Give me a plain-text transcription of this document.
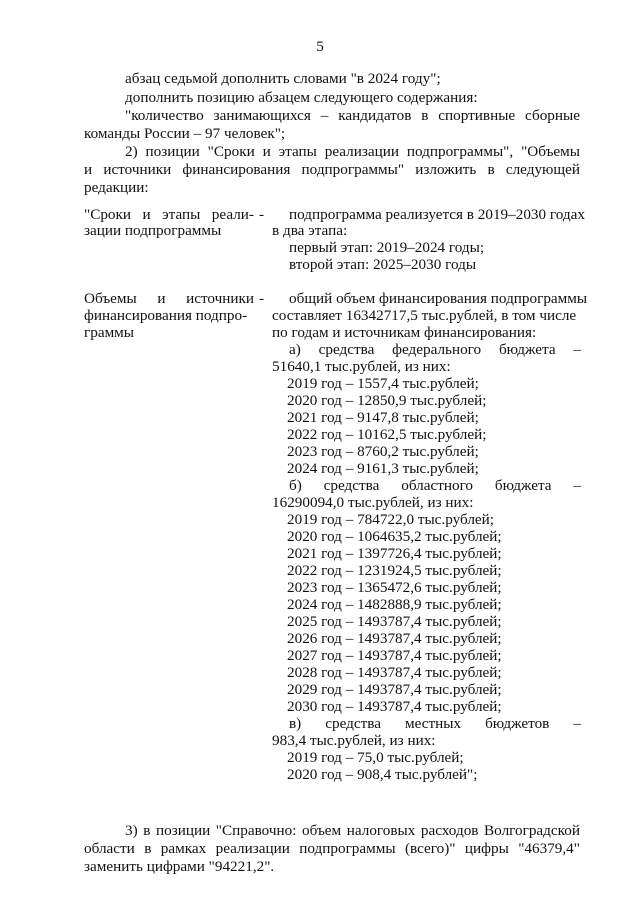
5
абзац седьмой дополнить словами "в 2024 году";
дополнить позицию абзацем следующего содержания:
"количество занимающихся – кандидатов в спортивные сборные
команды России – 97 человек";
2) позиции "Сроки и этапы реализации подпрограммы", "Объемы
и источники финансирования подпрограммы" изложить в следующей
редакции:
"Сроки и этапы реали-
зации подпрограммы
- подпрограмма реализуется в 2019–2030 годах
в два этапа:
первый этап: 2019–2024 годы;
второй этап: 2025–2030 годы
Объемы и источники
финансирования подпро-
граммы
- общий объем финансирования подпрограммы
составляет 16342717,5 тыс.рублей, в том числе
по годам и источникам финансирования:
а) средства федерального бюджета –
51640,1 тыс.рублей, из них:
2019 год – 1557,4 тыс.рублей;
2020 год – 12850,9 тыс.рублей;
2021 год – 9147,8 тыс.рублей;
2022 год – 10162,5 тыс.рублей;
2023 год – 8760,2 тыс.рублей;
2024 год – 9161,3 тыс.рублей;
б) средства областного бюджета –
16290094,0 тыс.рублей, из них:
2019 год – 784722,0 тыс.рублей;
2020 год – 1064635,2 тыс.рублей;
2021 год – 1397726,4 тыс.рублей;
2022 год – 1231924,5 тыс.рублей;
2023 год – 1365472,6 тыс.рублей;
2024 год – 1482888,9 тыс.рублей;
2025 год – 1493787,4 тыс.рублей;
2026 год – 1493787,4 тыс.рублей;
2027 год – 1493787,4 тыс.рублей;
2028 год – 1493787,4 тыс.рублей;
2029 год – 1493787,4 тыс.рублей;
2030 год – 1493787,4 тыс.рублей;
в) средства местных бюджетов –
983,4 тыс.рублей, из них:
2019 год – 75,0 тыс.рублей;
2020 год – 908,4 тыс.рублей";
3) в позиции "Справочно: объем налоговых расходов Волгоградской
области в рамках реализации подпрограммы (всего)" цифры "46379,4"
заменить цифрами "94221,2".
